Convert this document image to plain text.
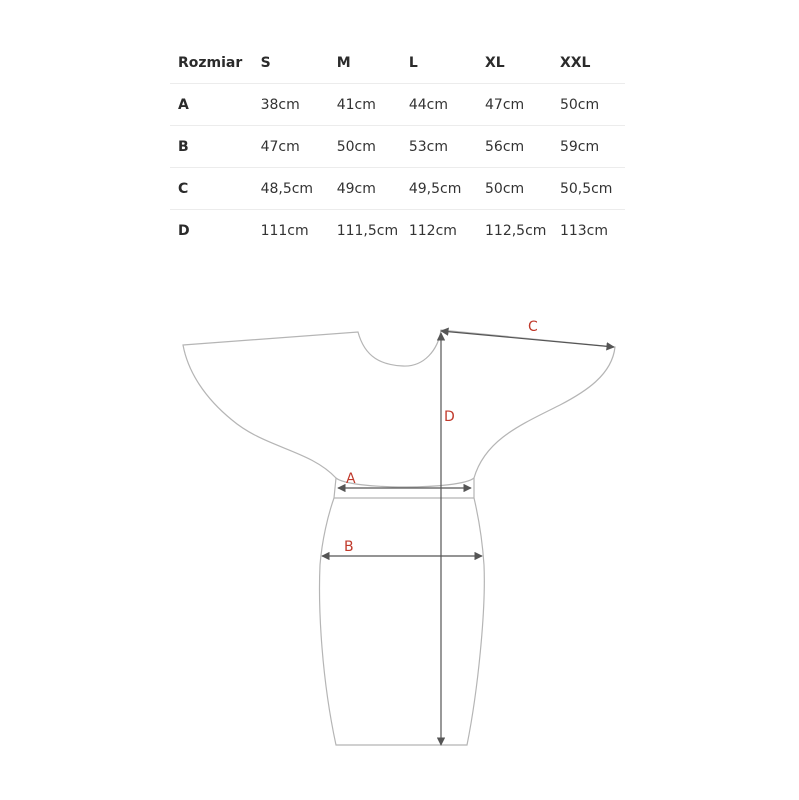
Rozmiar	S	M	L	XL	XXL
A	38cm	41cm	44cm	47cm	50cm
B	47cm	50cm	53cm	56cm	59cm
C	48,5cm	49cm	49,5cm	50cm	50,5cm
D	111cm	111,5cm	112cm	112,5cm	113cm
C
D
A
B
